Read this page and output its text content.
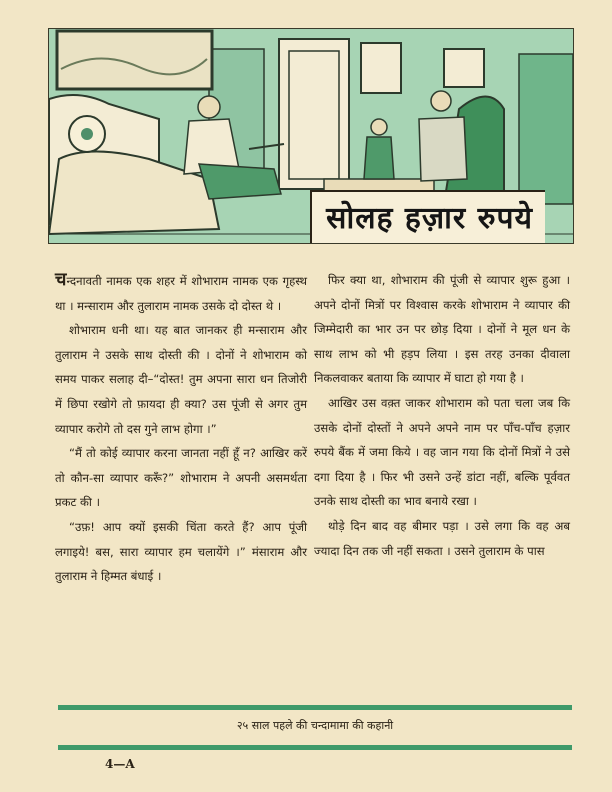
सोलह हज़ार रुपये

चन्दनावती नामक एक शहर में शोभाराम नामक एक गृहस्थ था । मन्साराम और तुलाराम नामक उसके दो दोस्त थे ।

शोभाराम धनी था। यह बात जानकर ही मन्साराम और तुलाराम ने उसके साथ दोस्ती की । दोनों ने शोभाराम को समय पाकर सलाह दी–“दोस्त! तुम अपना सारा धन तिजोरी में छिपा रखोगे तो फ़ायदा ही क्या? उस पूंजी से अगर तुम व्यापार करोगे तो दस गुने लाभ होगा ।”

“मैं तो कोई व्यापार करना जानता नहीं हूँ न? आखिर करें तो कौन-सा व्यापार करूँ?” शोभाराम ने अपनी असमर्थता प्रकट की ।

“उफ़! आप क्यों इसकी चिंता करते हैं? आप पूंजी लगाइये! बस, सारा व्यापार हम चलायेंगे ।” मंसाराम और तुलाराम ने हिम्मत बंधाई ।

फिर क्या था, शोभाराम की पूंजी से व्यापार शुरू हुआ । अपने दोनों मित्रों पर विश्वास करके शोभाराम ने व्यापार की जिम्मेदारी का भार उन पर छोड़ दिया । दोनों ने मूल धन के साथ लाभ को भी हड़प लिया । इस तरह उनका दीवाला निकलवाकर बताया कि व्यापार में घाटा हो गया है ।

आखिर उस वक़्त जाकर शोभाराम को पता चला जब कि उसके दोनों दोस्तों ने अपने अपने नाम पर पाँच-पाँच हज़ार रुपये बैंक में जमा किये । वह जान गया कि दोनों मित्रों ने उसे दगा दिया है । फिर भी उसने उन्हें डांटा नहीं, बल्कि पूर्ववत उनके साथ दोस्ती का भाव बनाये रखा ।

थोड़े दिन बाद वह बीमार पड़ा । उसे लगा कि वह अब ज्यादा दिन तक जी नहीं सकता । उसने तुलाराम के पास

२५ साल पहले की चन्दामामा की कहानी
4—A
